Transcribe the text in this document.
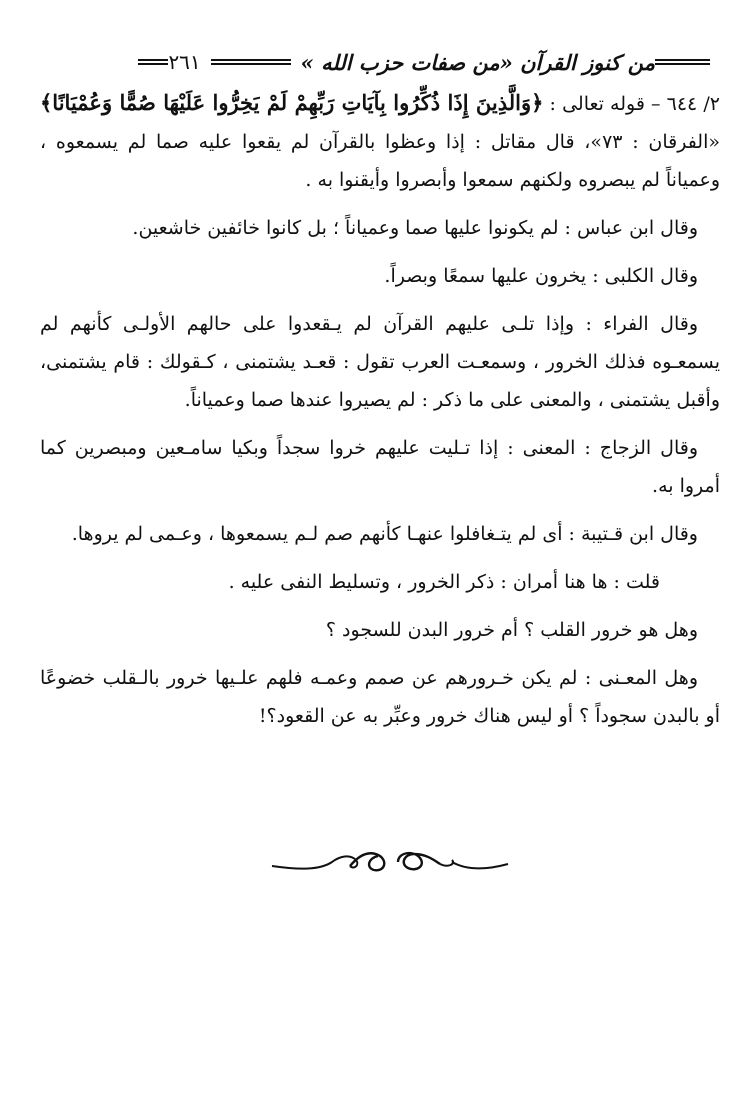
من كنوز القرآن «من صفات حزب الله »
٢٦١

٢/ ٦٤٤ – قوله تعالى : ﴿وَالَّذِينَ إِذَا ذُكِّرُوا بِآيَاتِ رَبِّهِمْ لَمْ يَخِرُّوا عَلَيْهَا صُمًّا وَعُمْيَانًا﴾ «الفرقان : ٧٣»، قال مقاتل : إذا وعظوا بالقرآن لم يقعوا عليه صما لم يسمعوه ، وعمياناً لم يبصروه ولكنهم سمعوا وأبصروا وأيقنوا به .

وقال ابن عباس : لم يكونوا عليها صما وعمياناً ؛ بل كانوا خائفين خاشعين.

وقال الكلبى : يخرون عليها سمعًا وبصراً.

وقال الفراء : وإذا تلـى عليهم القرآن لم يـقعدوا على حالهم الأولـى كأنهم لم يسمعـوه فذلك الخرور ، وسمعـت العرب تقول : قعـد يشتمنى ، كـقولك : قام يشتمنى، وأقبل يشتمنى ، والمعنى على ما ذكر : لم يصيروا عندها صما وعمياناً.

وقال الزجاج : المعنى : إذا تـليت عليهم خروا سجداً وبكيا سامـعين ومبصرين كما أمروا به.

وقال ابن قـتيبة : أى لم يتـغافلوا عنهـا كأنهم صم لـم يسمعوها ، وعـمى لم يروها.

قلت : ها هنا أمران : ذكر الخرور ، وتسليط النفى عليه .

وهل هو خرور القلب ؟ أم خرور البدن للسجود ؟

وهل المعـنى : لم يكن خـرورهم عن صمم وعمـه فلهم علـيها خرور بالـقلب خضوعًا أو بالبدن سجوداً ؟ أو ليس هناك خرور وعبِّر به عن القعود؟!
